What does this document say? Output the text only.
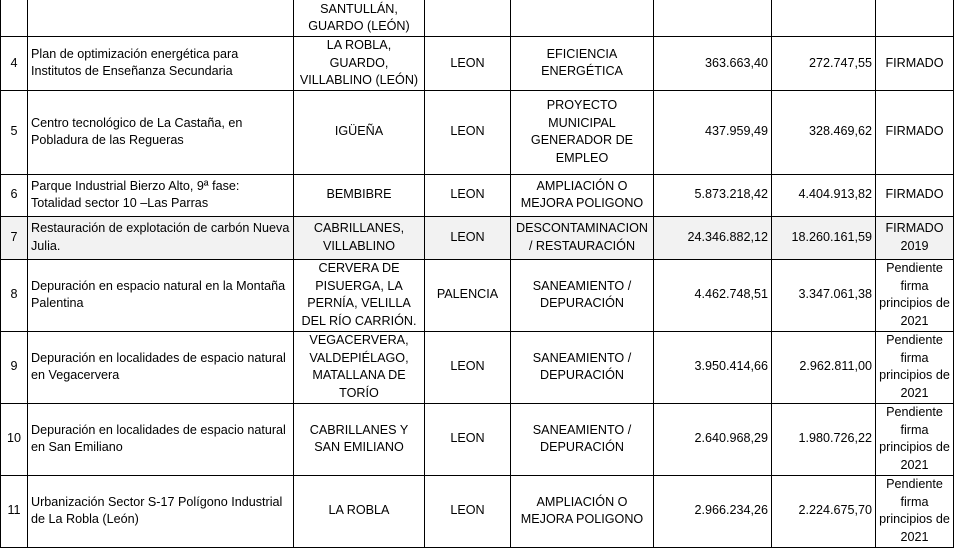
		SANTULLÁN, GUARDO (LEÓN)					
4	Plan de optimización energética para Institutos de Enseñanza Secundaria	LA ROBLA, GUARDO, VILLABLINO (LEÓN)	LEON	EFICIENCIA ENERGÉTICA	363.663,40	272.747,55	FIRMADO
5	Centro tecnológico de La Castaña, en Pobladura de las Regueras	IGÜEÑA	LEON	PROYECTO MUNICIPAL GENERADOR DE EMPLEO	437.959,49	328.469,62	FIRMADO
6	Parque Industrial Bierzo Alto, 9ª fase: Totalidad sector 10 –Las Parras	BEMBIBRE	LEON	AMPLIACIÓN O MEJORA POLIGONO	5.873.218,42	4.404.913,82	FIRMADO
7	Restauración de explotación de carbón Nueva Julia.	CABRILLANES, VILLABLINO	LEON	DESCONTAMINACION / RESTAURACIÓN	24.346.882,12	18.260.161,59	FIRMADO 2019
8	Depuración en espacio natural en la Montaña Palentina	CERVERA DE PISUERGA, LA PERNÍA, VELILLA DEL RÍO CARRIÓN.	PALENCIA	SANEAMIENTO / DEPURACIÓN	4.462.748,51	3.347.061,38	Pendiente firma principios de 2021
9	Depuración en localidades de espacio natural en Vegacervera	VEGACERVERA, VALDEPIÉLAGO, MATALLANA DE TORÍO	LEON	SANEAMIENTO / DEPURACIÓN	3.950.414,66	2.962.811,00	Pendiente firma principios de 2021
10	Depuración en localidades de espacio natural en San Emiliano	CABRILLANES Y SAN EMILIANO	LEON	SANEAMIENTO / DEPURACIÓN	2.640.968,29	1.980.726,22	Pendiente firma principios de 2021
11	Urbanización Sector S-17 Polígono Industrial de La Robla (León)	LA ROBLA	LEON	AMPLIACIÓN O MEJORA POLIGONO	2.966.234,26	2.224.675,70	Pendiente firma principios de 2021
